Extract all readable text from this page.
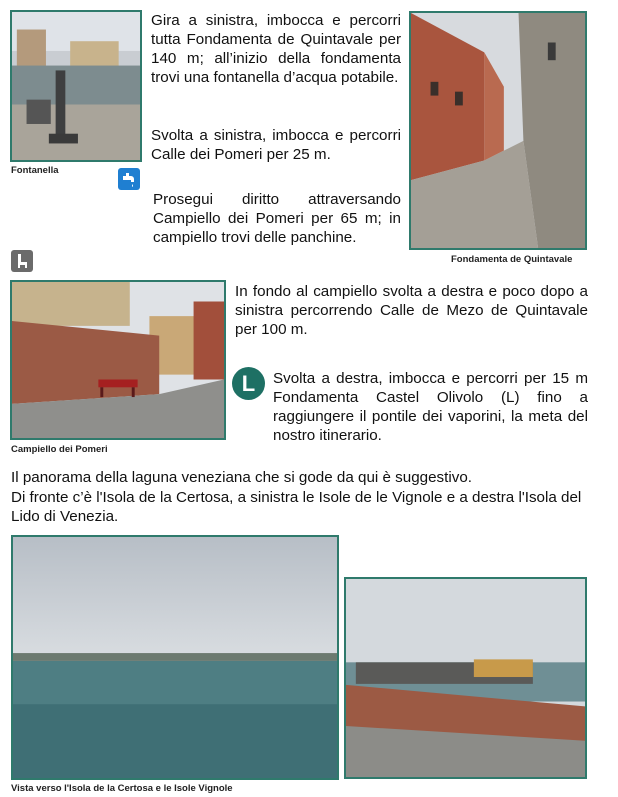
Fontanella

Gira a sinistra, imbocca e percorri tutta Fondamenta de Quintavale per 140 m; all’inizio della fondamenta trovi una fontanella d’acqua potabile.

Svolta a sinistra, imbocca e percorri Calle dei Pomeri per 25 m.

Prosegui diritto attraversando Campiello dei Pomeri per 65 m; in campiello trovi delle panchine.

Fondamenta de Quintavale
Campiello dei Pomeri

In fondo al campiello svolta a destra e poco dopo a sinistra percorrendo Calle de Mezo de Quintavale per 100 m.

L	Svolta a destra, imbocca e percorri per 15 m Fondamenta Castel Olivolo (L) fino a raggiungere il pontile dei vaporini, la meta del nostro itinerario.

Il panorama della laguna veneziana che si gode da qui è suggestivo.

Di fronte c’è l'Isola de la Certosa, a sinistra le Isole de le Vignole e a destra l'Isola del Lido di Venezia.

Vista verso l'Isola de la Certosa e le Isole Vignole
